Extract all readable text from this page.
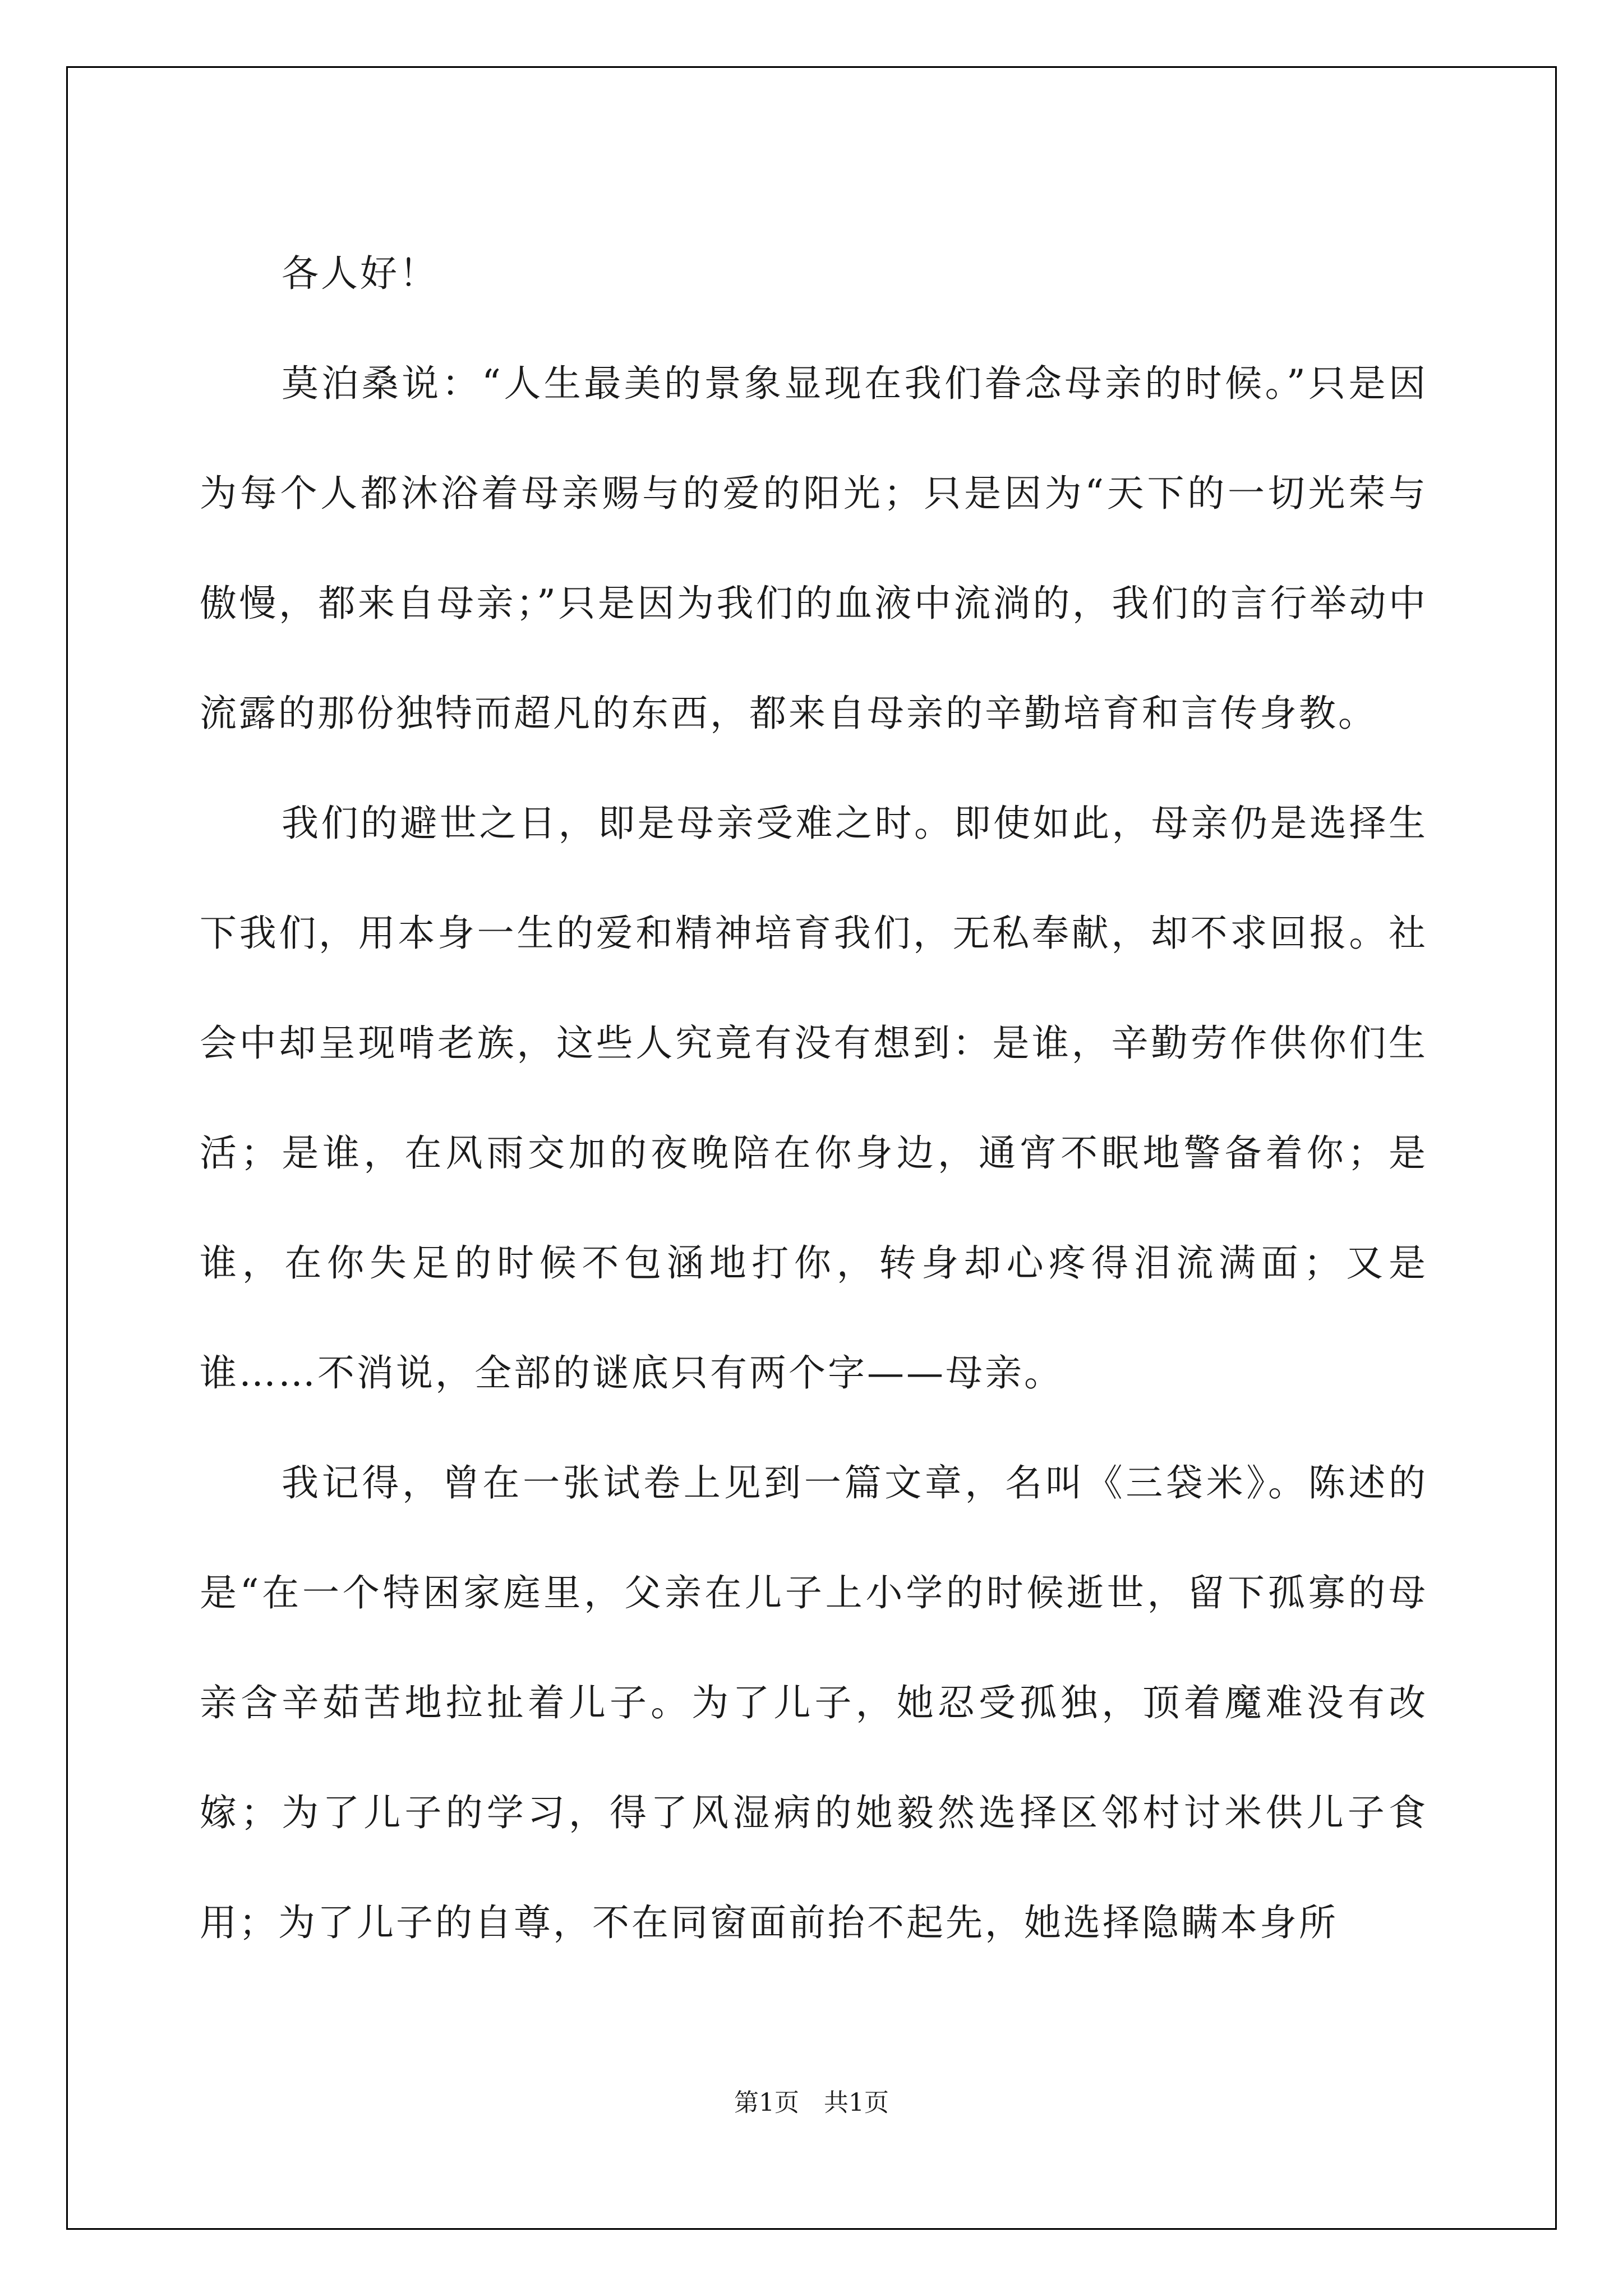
各人好！

莫泊桑说：“人生最美的景象显现在我们眷念母亲的时候。”只是因为每个人都沐浴着母亲赐与的爱的阳光；只是因为“天下的一切光荣与傲慢，都来自母亲；”只是因为我们的血液中流淌的，我们的言行举动中流露的那份独特而超凡的东西，都来自母亲的辛勤培育和言传身教。

我们的避世之日，即是母亲受难之时。即使如此，母亲仍是选择生下我们，用本身一生的爱和精神培育我们，无私奉献，却不求回报。社会中却呈现啃老族，这些人究竟有没有想到：是谁，辛勤劳作供你们生活；是谁，在风雨交加的夜晚陪在你身边，通宵不眠地警备着你；是谁，在你失足的时候不包涵地打你，转身却心疼得泪流满面；又是谁……不消说，全部的谜底只有两个字——母亲。

我记得，曾在一张试卷上见到一篇文章，名叫《三袋米》。陈述的是“在一个特困家庭里，父亲在儿子上小学的时候逝世，留下孤寡的母亲含辛茹苦地拉扯着儿子。为了儿子，她忍受孤独，顶着魔难没有改嫁；为了儿子的学习，得了风湿病的她毅然选择区邻村讨米供儿子食用；为了儿子的自尊，不在同窗面前抬不起先，她选择隐瞒本身所

第1页　共1页
